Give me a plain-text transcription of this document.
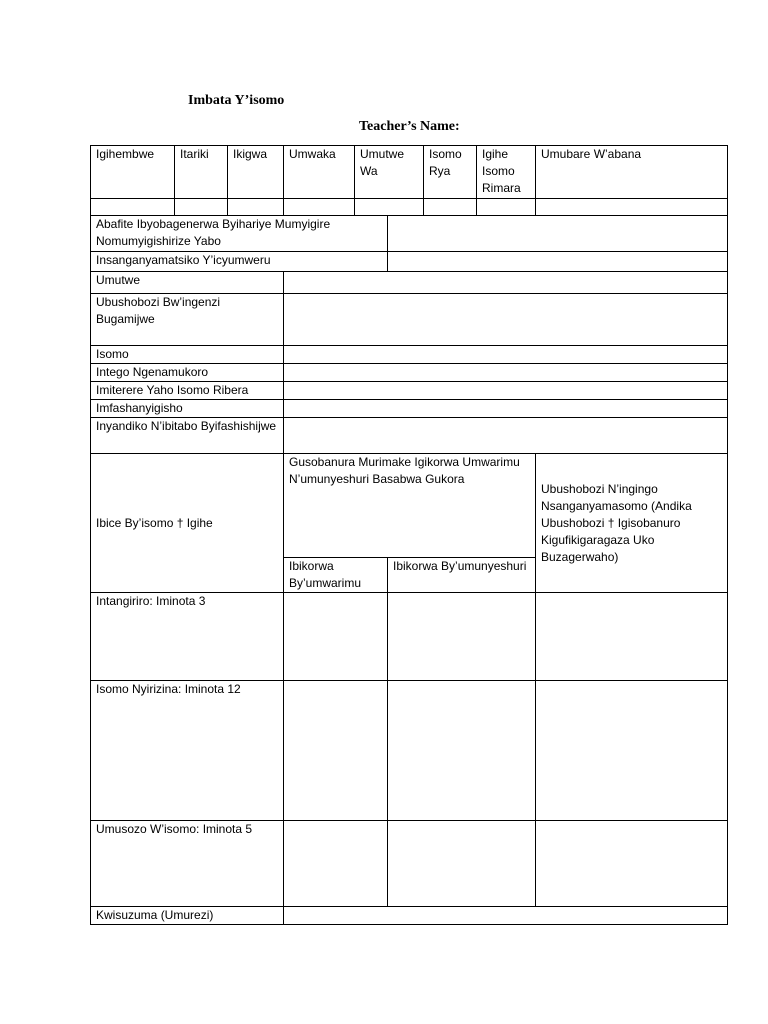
Imbata Y’isomo
Teacher’s Name:
Igihembwe	Itariki	Ikigwa	Umwaka	Umutwe Wa		Isomo Rya	Igihe Isomo Rimara	Umubare W’abana

Abafite Ibyobagenerwa Byihariye Mumyigire Nomumyigishirize Yabo								
Insanganyamatsiko Y’icyumweru								
Umutwe								
Ubushobozi Bw’ingenzi Bugamijwe								
Isomo								
Intego Ngenamukoro								
Imiterere Yaho Isomo Ribera								
Imfashanyigisho								
Inyandiko N’ibitabo Byifashishijwe								
Ibice By’isomo † Igihe			Gusobanura Murimake Igikorwa Umwarimu N’umunyeshuri Basabwa Gukora					Ubushobozi N’ingingo Nsanganyamasomo (Andika Ubushobozi † Igisobanuro Kigufikigaragaza Uko Buzagerwaho)
			Ibikorwa By’umwarimu		Ibikorwa By’umunyeshuri			
Intangiriro: Iminota 3								
Isomo Nyirizina: Iminota 12								
Umusozo W’isomo: Iminota 5								
Kwisuzuma (Umurezi)								
